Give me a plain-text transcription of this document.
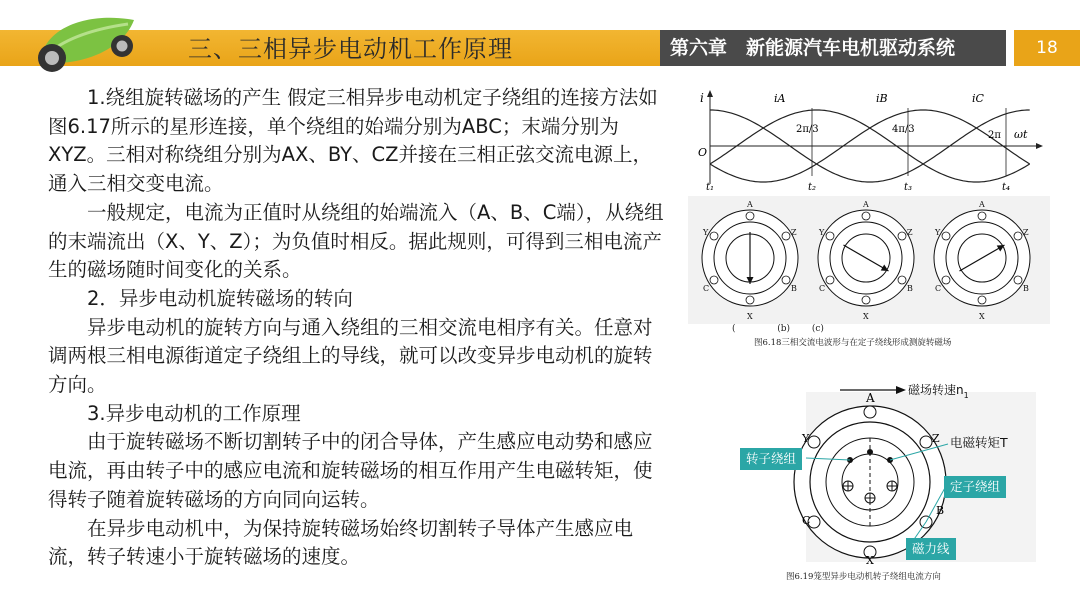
三、三相异步电动机工作原理	第六章　新能源汽车电机驱动系统	18

1.绕组旋转磁场的产生 假定三相异步电动机定子绕组的连接方法如图6.17所示的星形连接，单个绕组的始端分别为ABC；末端分别为XYZ。三相对称绕组分别为AX、BY、CZ并接在三相正弦交流电源上，通入三相交变电流。

一般规定，电流为正值时从绕组的始端流入（A、B、C端），从绕组的末端流出（X、Y、Z）；为负值时相反。据此规则，可得到三相电流产生的磁场随时间变化的关系。

2．异步电动机旋转磁场的转向

异步电动机的旋转方向与通入绕组的三相交流电相序有关。任意对调两根三相电源街道定子绕组上的导线，就可以改变异步电动机的旋转方向。

3.异步电动机的工作原理

由于旋转磁场不断切割转子中的闭合导体，产生感应电动势和感应电流，再由转子中的感应电流和旋转磁场的相互作用产生电磁转矩，使得转子随着旋转磁场的方向同向运转。

在异步电动机中，为保持旋转磁场始终切割转子导体产生感应电流，转子转速小于旋转磁场的速度。

i	iA	iB	iC
O
ωt
2π/3	4π/3
2π
t₁	t₂	t₃	t₄
A
Y	Z
C	B
X
A
Y	Z
C	B
X
A
Y	Z
C	B
X
(	(b) (c)
图6.18三相交流电波形与在定子绕线形成测旋转磁场
磁场转速$n_1$
A
Y	Z
C
B
X
转子绕组
电磁转矩T
定子绕组
磁力线
图6.19笼型异步电动机转子绕组电流方向
